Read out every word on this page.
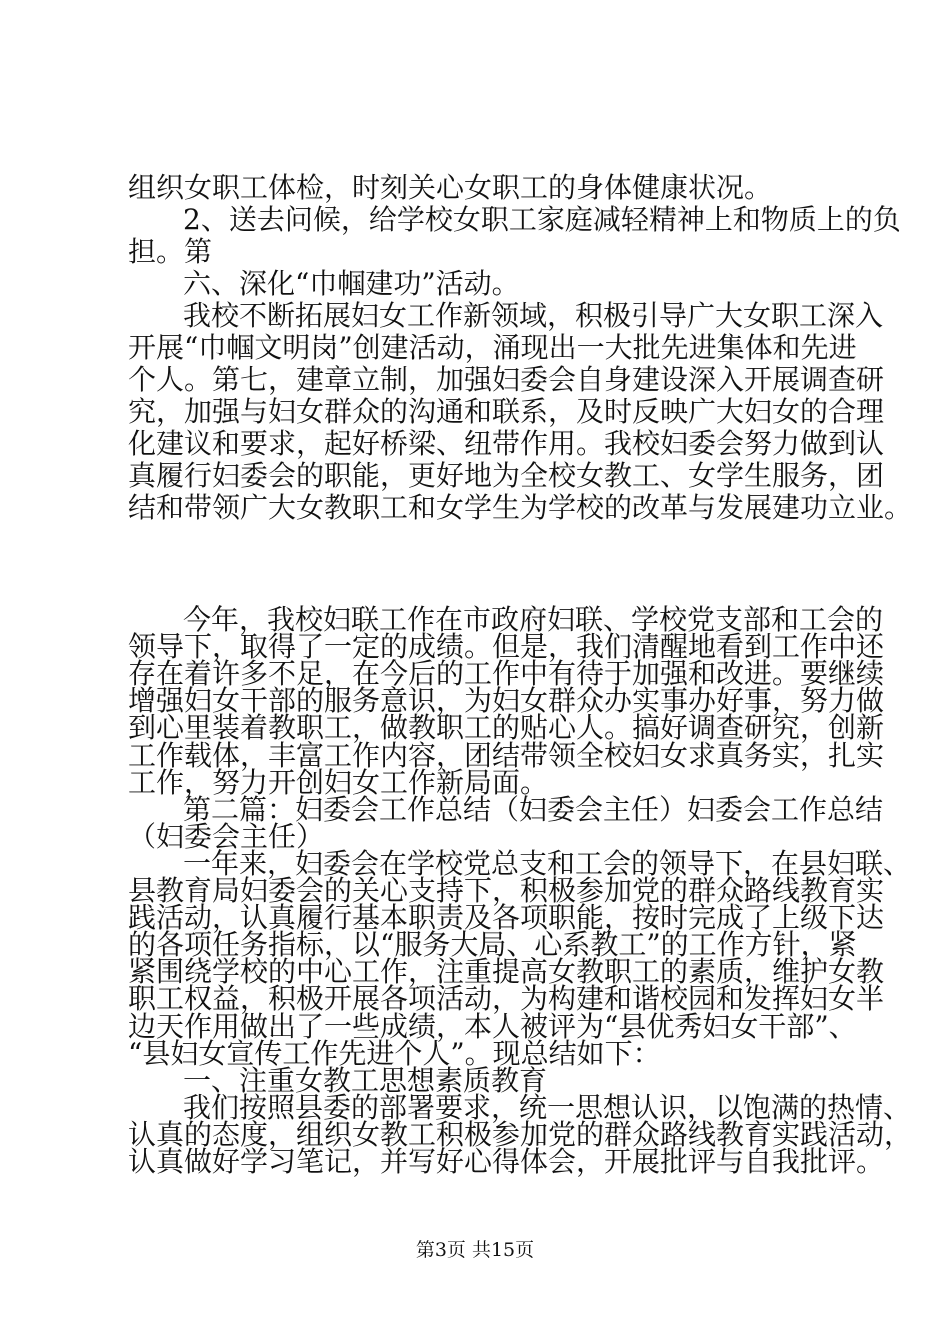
组织女职工体检，时刻关心女职工的身体健康状况。
2、送去问候，给学校女职工家庭减轻精神上和物质上的负
担。第
六、深化“巾帼建功”活动。
我校不断拓展妇女工作新领域，积极引导广大女职工深入
开展“巾帼文明岗”创建活动，涌现出一大批先进集体和先进
个人。第七，建章立制，加强妇委会自身建设深入开展调查研
究，加强与妇女群众的沟通和联系，及时反映广大妇女的合理
化建议和要求，起好桥梁、纽带作用。我校妇委会努力做到认
真履行妇委会的职能，更好地为全校女教工、女学生服务，团
结和带领广大女教职工和女学生为学校的改革与发展建功立业。
今年，我校妇联工作在市政府妇联、学校党支部和工会的
领导下，取得了一定的成绩。但是，我们清醒地看到工作中还
存在着许多不足，在今后的工作中有待于加强和改进。要继续
增强妇女干部的服务意识，为妇女群众办实事办好事，努力做
到心里装着教职工，做教职工的贴心人。搞好调查研究，创新
工作载体，丰富工作内容，团结带领全校妇女求真务实，扎实
工作，努力开创妇女工作新局面。
第二篇：妇委会工作总结（妇委会主任）妇委会工作总结
（妇委会主任）
一年来，妇委会在学校党总支和工会的领导下，在县妇联、
县教育局妇委会的关心支持下，积极参加党的群众路线教育实
践活动，认真履行基本职责及各项职能，按时完成了上级下达
的各项任务指标，以“服务大局、心系教工”的工作方针，紧
紧围绕学校的中心工作，注重提高女教职工的素质，维护女教
职工权益，积极开展各项活动，为构建和谐校园和发挥妇女半
边天作用做出了一些成绩，本人被评为“县优秀妇女干部”、
“县妇女宣传工作先进个人”。现总结如下：
一、注重女教工思想素质教育
我们按照县委的部署要求，统一思想认识，以饱满的热情、
认真的态度，组织女教工积极参加党的群众路线教育实践活动，
认真做好学习笔记，并写好心得体会，开展批评与自我批评。
第3页 共15页
